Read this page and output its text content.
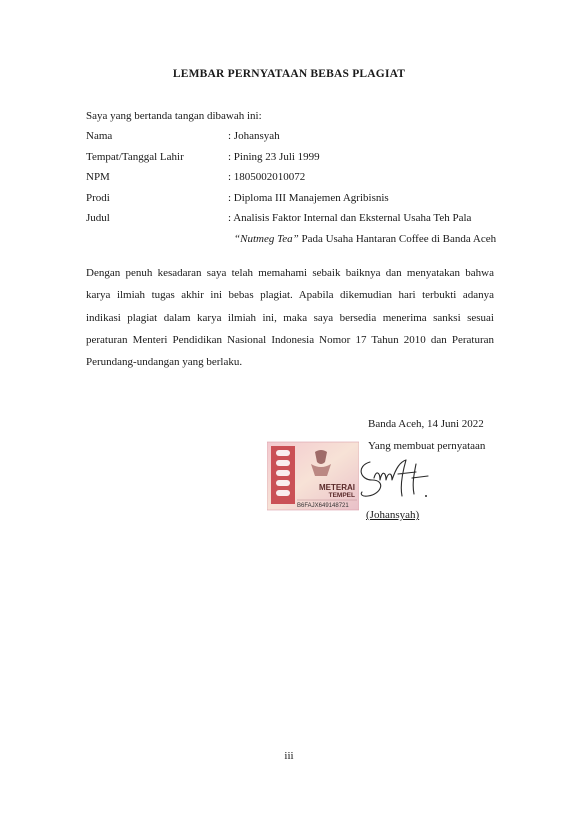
LEMBAR PERNYATAAN BEBAS PLAGIAT
Saya yang bertanda tangan dibawah ini:
Nama	: Johansyah
Tempat/Tanggal Lahir	: Pining 23 Juli 1999
NPM	: 1805002010072
Prodi	: Diploma III Manajemen Agribisnis
Judul	: Analisis Faktor Internal dan Eksternal Usaha Teh Pala
“Nutmeg Tea” Pada Usaha Hantaran Coffee di Banda Aceh
Dengan penuh kesadaran saya telah memahami sebaik baiknya dan menyatakan bahwa
karya ilmiah tugas akhir ini bebas plagiat. Apabila dikemudian hari terbukti adanya
indikasi plagiat dalam karya ilmiah ini, maka saya bersedia menerima sanksi sesuai
peraturan Menteri Pendidikan Nasional Indonesia Nomor 17 Tahun 2010 dan Peraturan
Perundang-undangan yang berlaku.
Banda Aceh, 14 Juni 2022
Yang membuat pernyataan
METERAI
TEMPEL
B6FAJX649148721
(Johansyah)
iii
